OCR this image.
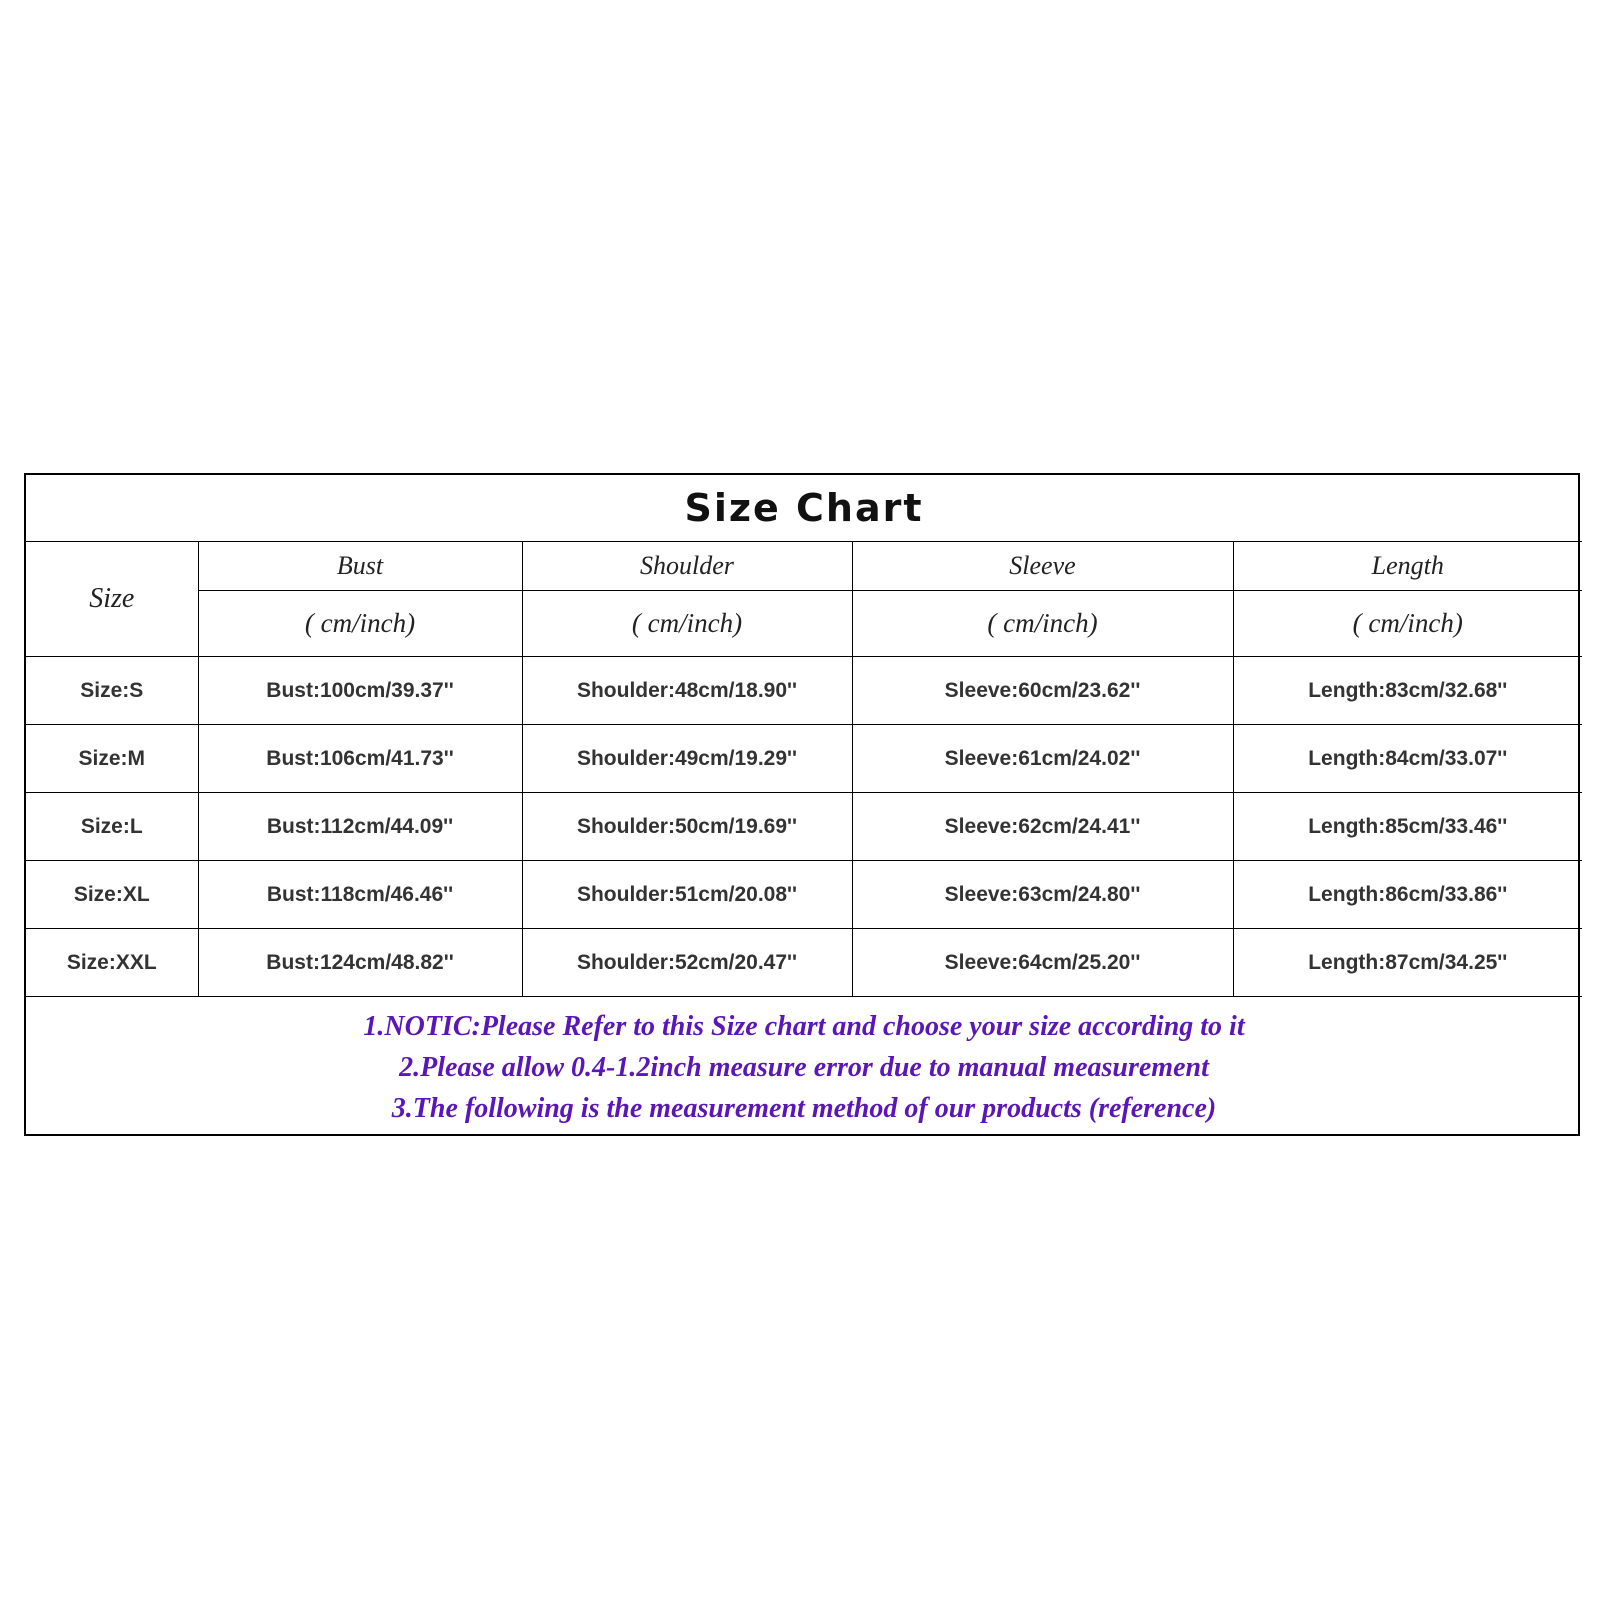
Size Chart				
Size	Bust	Shoulder	Sleeve	Length
	( cm/inch)	( cm/inch)	( cm/inch)	( cm/inch)
Size:S	Bust:100cm/39.37''	Shoulder:48cm/18.90''	Sleeve:60cm/23.62''	Length:83cm/32.68''
Size:M	Bust:106cm/41.73''	Shoulder:49cm/19.29''	Sleeve:61cm/24.02''	Length:84cm/33.07''
Size:L	Bust:112cm/44.09''	Shoulder:50cm/19.69''	Sleeve:62cm/24.41''	Length:85cm/33.46''
Size:XL	Bust:118cm/46.46''	Shoulder:51cm/20.08''	Sleeve:63cm/24.80''	Length:86cm/33.86''
Size:XXL	Bust:124cm/48.82''	Shoulder:52cm/20.47''	Sleeve:64cm/25.20''	Length:87cm/34.25''

1.NOTIC:Please Refer to this Size chart and choose your size according to it
2.Please allow 0.4-1.2inch measure error due to manual measurement
3.The following is the measurement method of our products (reference)				
